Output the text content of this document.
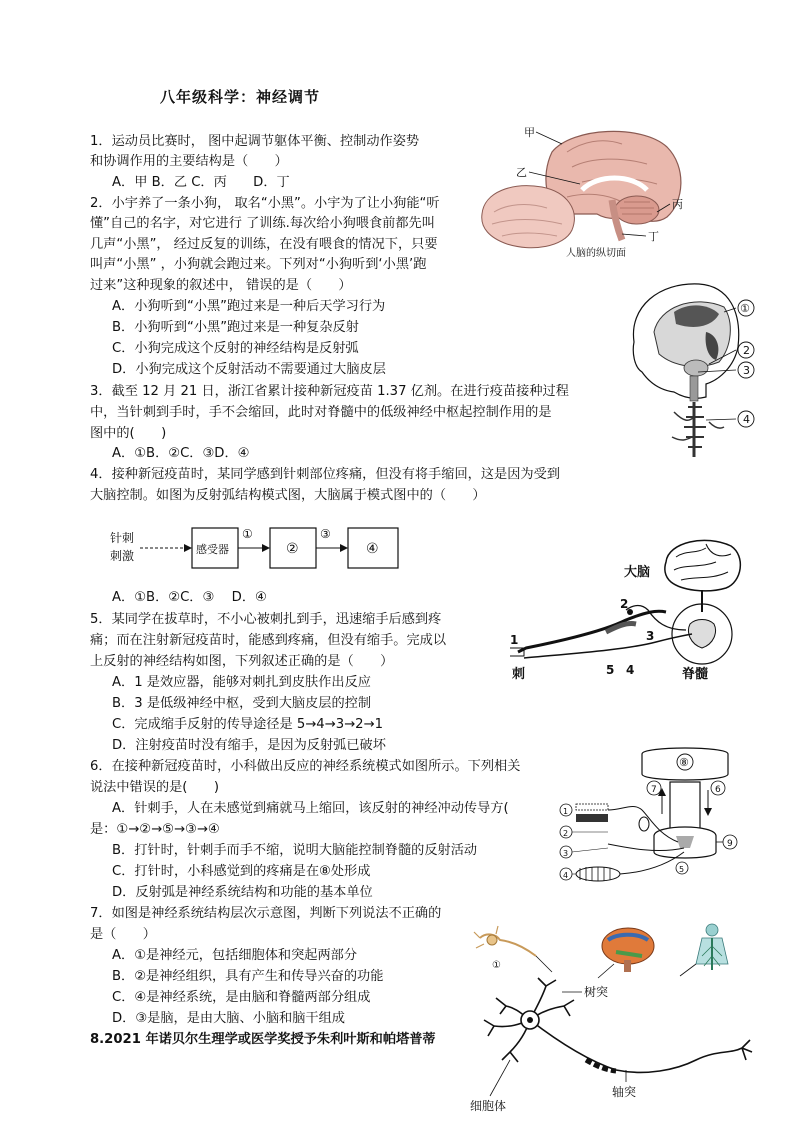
八年级科学：神经调节
1．运动员比赛时， 图中起调节躯体平衡、控制动作姿势
和协调作用的主要结构是（　　）
A．甲 B．乙 C．丙　　D．丁
甲
乙
丙
丁
人脑的纵切面
2．小宇养了一条小狗， 取名“小黑”。小宇为了让小狗能“听
懂”自己的名字，对它进行 了训练.每次给小狗喂食前都先叫
几声“小黑”， 经过反复的训练，在没有喂食的情况下，只要
叫声“小黑” ，小狗就会跑过来。下列对“小狗听到‘小黑’跑
过来”这种现象的叙述中， 错误的是（　　）
A．小狗听到“小黑”跑过来是一种后天学习行为
B．小狗听到“小黑”跑过来是一种复杂反射
C．小狗完成这个反射的神经结构是反射弧
D．小狗完成这个反射活动不需要通过大脑皮层
①
2
3
4
3．截至 12 月 21 日，浙江省累计接种新冠疫苗 1.37 亿剂。在进行疫苗接种过程
中，当针刺到手时，手不会缩回，此时对脊髓中的低级神经中枢起控制作用的是
图中的(　　)
A．①B．②C．③D．④
4．接种新冠疫苗时，某同学感到针刺部位疼痛，但没有将手缩回，这是因为受到
大脑控制。如图为反射弧结构模式图，大脑属于模式图中的（　　）
针刺
刺激	感受器
①
②
③
④
A．①B．②C．③　 D．④
大脑
1
2
3
4
5
刺	脊髓
5．某同学在拔草时，不小心被刺扎到手，迅速缩手后感到疼
痛；而在注射新冠疫苗时，能感到疼痛，但没有缩手。完成以
上反射的神经结构如图，下列叙述正确的是（　　）
A．1 是效应器，能够对刺扎到皮肤作出反应
B．3 是低级神经中枢，受到大脑皮层的控制
C．完成缩手反射的传导途径是 5→4→3→2→1
D．注射疫苗时没有缩手，是因为反射弧已破坏
⑧
7	6
9
5
1
2
3
4
6．在接种新冠疫苗时，小科做出反应的神经系统模式如图所示。下列相关
说法中错误的是(　　)
A．针刺手，人在未感觉到痛就马上缩回，该反射的神经冲动传导方(
是：①→②→⑤→③→④
B．打针时，针刺手而手不缩，说明大脑能控制脊髓的反射活动
C．打针时，小科感觉到的疼痛是在⑧处形成
D．反射弧是神经系统结构和功能的基本单位
7．如图是神经系统结构层次示意图，判断下列说法不正确的
是（　　）
A．①是神经元，包括细胞体和突起两部分
B．②是神经组织，具有产生和传导兴奋的功能
C．④是神经系统，是由脑和脊髓两部分组成
D．③是脑，是由大脑、小脑和脑干组成
8.2021 年诺贝尔生理学或医学奖授予朱利叶斯和帕塔普蒂
①
树突
轴突
细胞体
